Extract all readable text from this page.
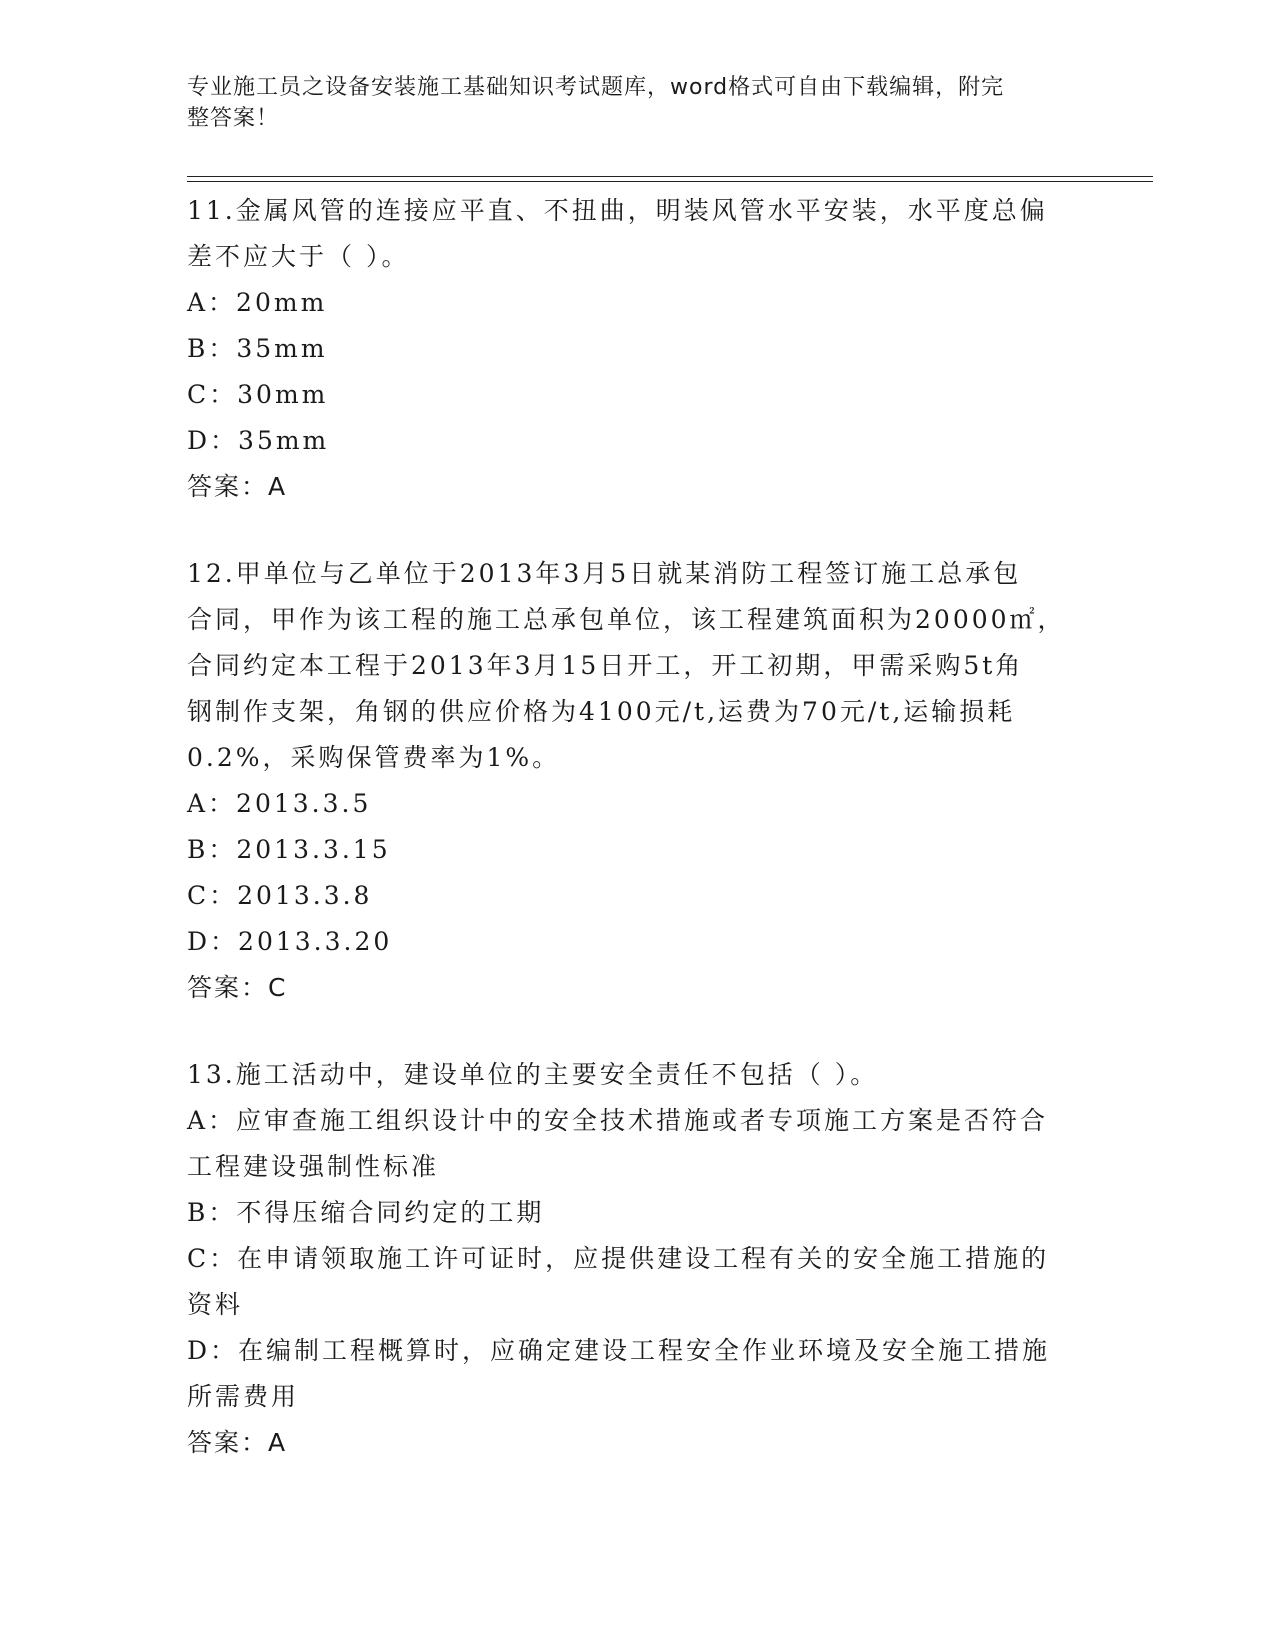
专业施工员之设备安装施工基础知识考试题库，word格式可自由下载编辑，附完
整答案！
11.金属风管的连接应平直、不扭曲，明装风管水平安装，水平度总偏
差不应大于（ ）。
A：20mm
B：35mm
C：30mm
D：35mm
答案：A
12.甲单位与乙单位于2013年3月5日就某消防工程签订施工总承包
合同，甲作为该工程的施工总承包单位，该工程建筑面积为20000㎡，
合同约定本工程于2013年3月15日开工，开工初期，甲需采购5t角
钢制作支架，角钢的供应价格为4100元/t,运费为70元/t,运输损耗
0.2%，采购保管费率为1%。
A：2013.3.5
B：2013.3.15
C：2013.3.8
D：2013.3.20
答案：C
13.施工活动中，建设单位的主要安全责任不包括（ ）。
A：应审查施工组织设计中的安全技术措施或者专项施工方案是否符合
工程建设强制性标准
B：不得压缩合同约定的工期
C：在申请领取施工许可证时，应提供建设工程有关的安全施工措施的
资料
D：在编制工程概算时，应确定建设工程安全作业环境及安全施工措施
所需费用
答案：A
